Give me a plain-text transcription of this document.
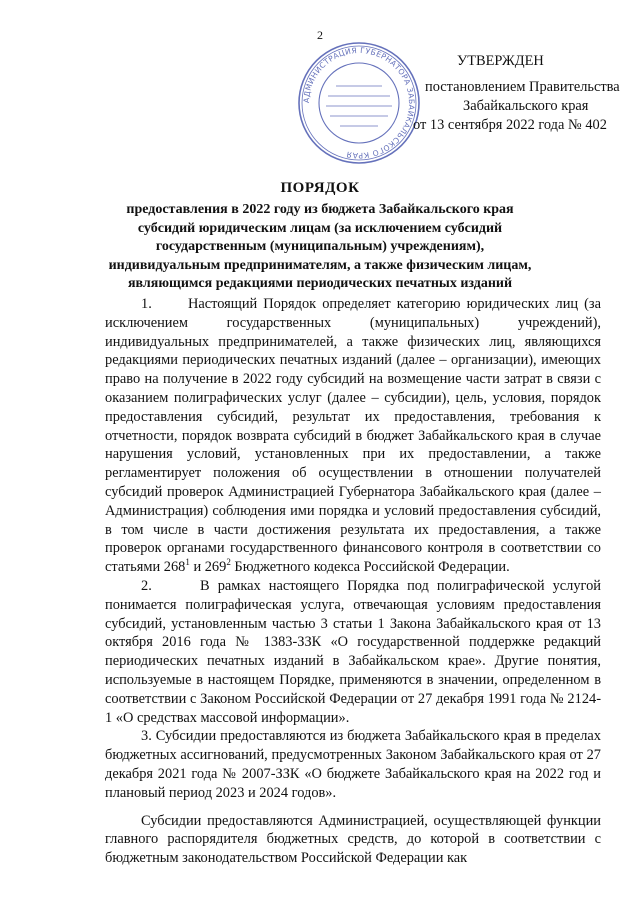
2
АДМИНИСТРАЦИЯ ГУБЕРНАТОРА ЗАБАЙКАЛЬСКОГО КРАЯ
УТВЕРЖДЕН
постановлением Правительства
Забайкальского края
от 13 сентября 2022 года № 402
ПОРЯДОК
предоставления в 2022 году из бюджета Забайкальского края субсидий юридическим лицам (за исключением субсидий государственным (муниципальным) учреждениям), индивидуальным предпринимателям, а также физическим лицам, являющимся редакциями периодических печатных изданий

1.      Настоящий Порядок определяет категорию юридических лиц (за исключением государственных (муниципальных) учреждений), индивидуальных предпринимателей, а также физических лиц, являющихся редакциями периодических печатных изданий (далее – организации), имеющих право на получение в 2022 году субсидий на возмещение части затрат в связи с оказанием полиграфических услуг (далее – субсидии), цель, условия, порядок предоставления субсидий, результат их предоставления, требования к отчетности, порядок возврата субсидий в бюджет Забайкальского края в случае нарушения условий, установленных при их предоставлении, а также регламентирует положения об осуществлении в отношении получателей субсидий проверок Администрацией Губернатора Забайкальского края (далее – Администрация) соблюдения ими порядка и условий предоставления субсидий, в том числе в части достижения результата их предоставления, а также проверок органами государственного финансового контроля в соответствии со статьями $268^1$ и $269^2$ Бюджетного кодекса Российской Федерации.

2.      В рамках настоящего Порядка под полиграфической услугой понимается полиграфическая услуга, отвечающая условиям предоставления субсидий, установленным частью 3 статьи 1 Закона Забайкальского края от 13 октября 2016 года № 1383-ЗЗК «О государственной поддержке редакций периодических печатных изданий в Забайкальском крае». Другие понятия, используемые в настоящем Порядке, применяются в значении, определенном в соответствии с Законом Российской Федерации от 27 декабря 1991 года № 2124-1 «О средствах массовой информации».

3. Субсидии предоставляются из бюджета Забайкальского края в пределах бюджетных ассигнований, предусмотренных Законом Забайкальского края от 27 декабря 2021 года № 2007-ЗЗК «О бюджете Забайкальского края на 2022 год и плановый период 2023 и 2024 годов».

Субсидии предоставляются Администрацией, осуществляющей функции главного распорядителя бюджетных средств, до которой в соответствии с бюджетным законодательством Российской Федерации как
